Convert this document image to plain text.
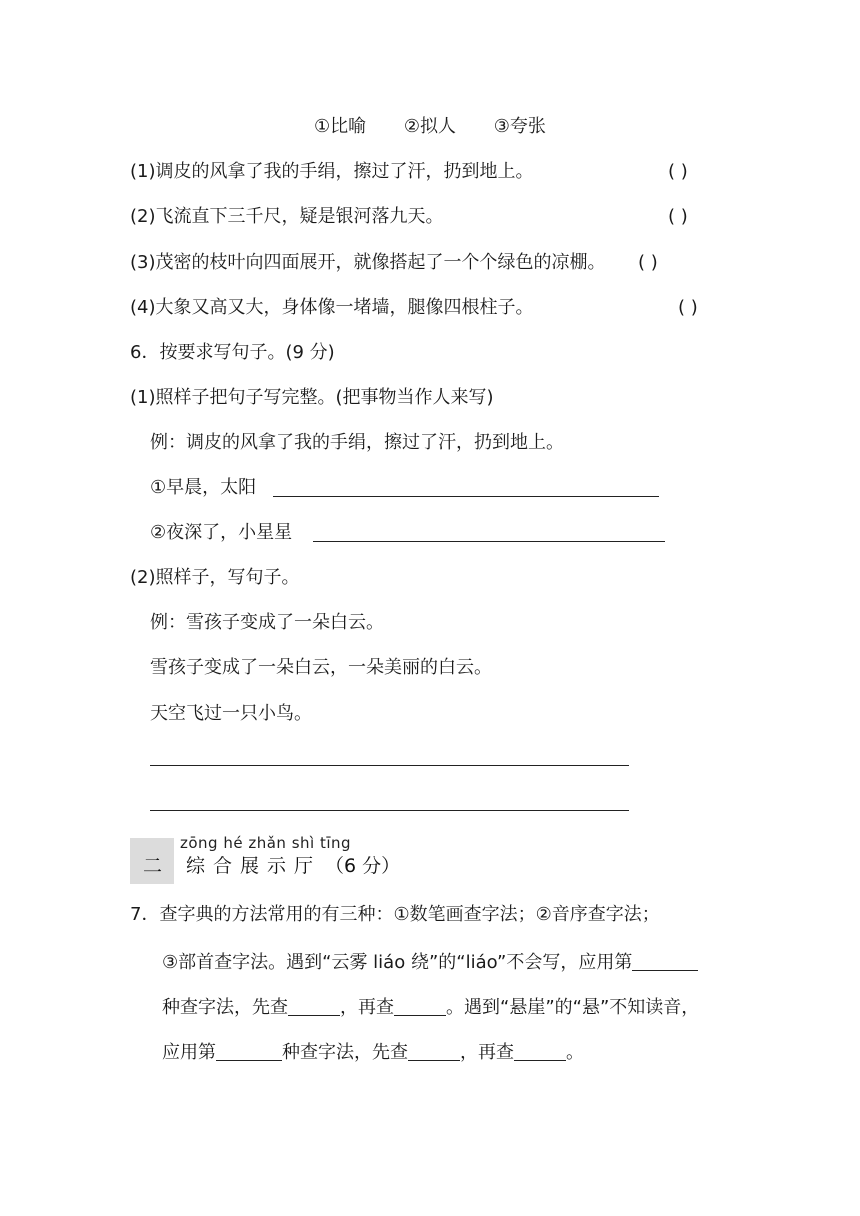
①比喻 ②拟人 ③夸张
(1)调皮的风拿了我的手绢，擦过了汗，扔到地上。	( )
(2)飞流直下三千尺，疑是银河落九天。	( )
(3)茂密的枝叶向四面展开，就像搭起了一个个绿色的凉棚。 ( )
(4)大象又高又大，身体像一堵墙，腿像四根柱子。	( )
6．按要求写句子。(9 分)
(1)照样子把句子写完整。(把事物当作人来写)
例：调皮的风拿了我的手绢，擦过了汗，扔到地上。
①早晨，太阳
②夜深了，小星星
(2)照样子，写句子。
例：雪孩子变成了一朵白云。
雪孩子变成了一朵白云，一朵美丽的白云。
天空飞过一只小鸟。
二
zōng hé zhǎn shì tīng
综合展示厅 （6 分）
7．查字典的方法常用的有三种：①数笔画查字法；②音序查字法；
③部首查字法。遇到“云雾 liáo 绕”的“liáo”不会写，应用第
种查字法，先查	，再查	。遇到“悬崖”的“悬”不知读音，
应用第	种查字法，先查	，再查	。
